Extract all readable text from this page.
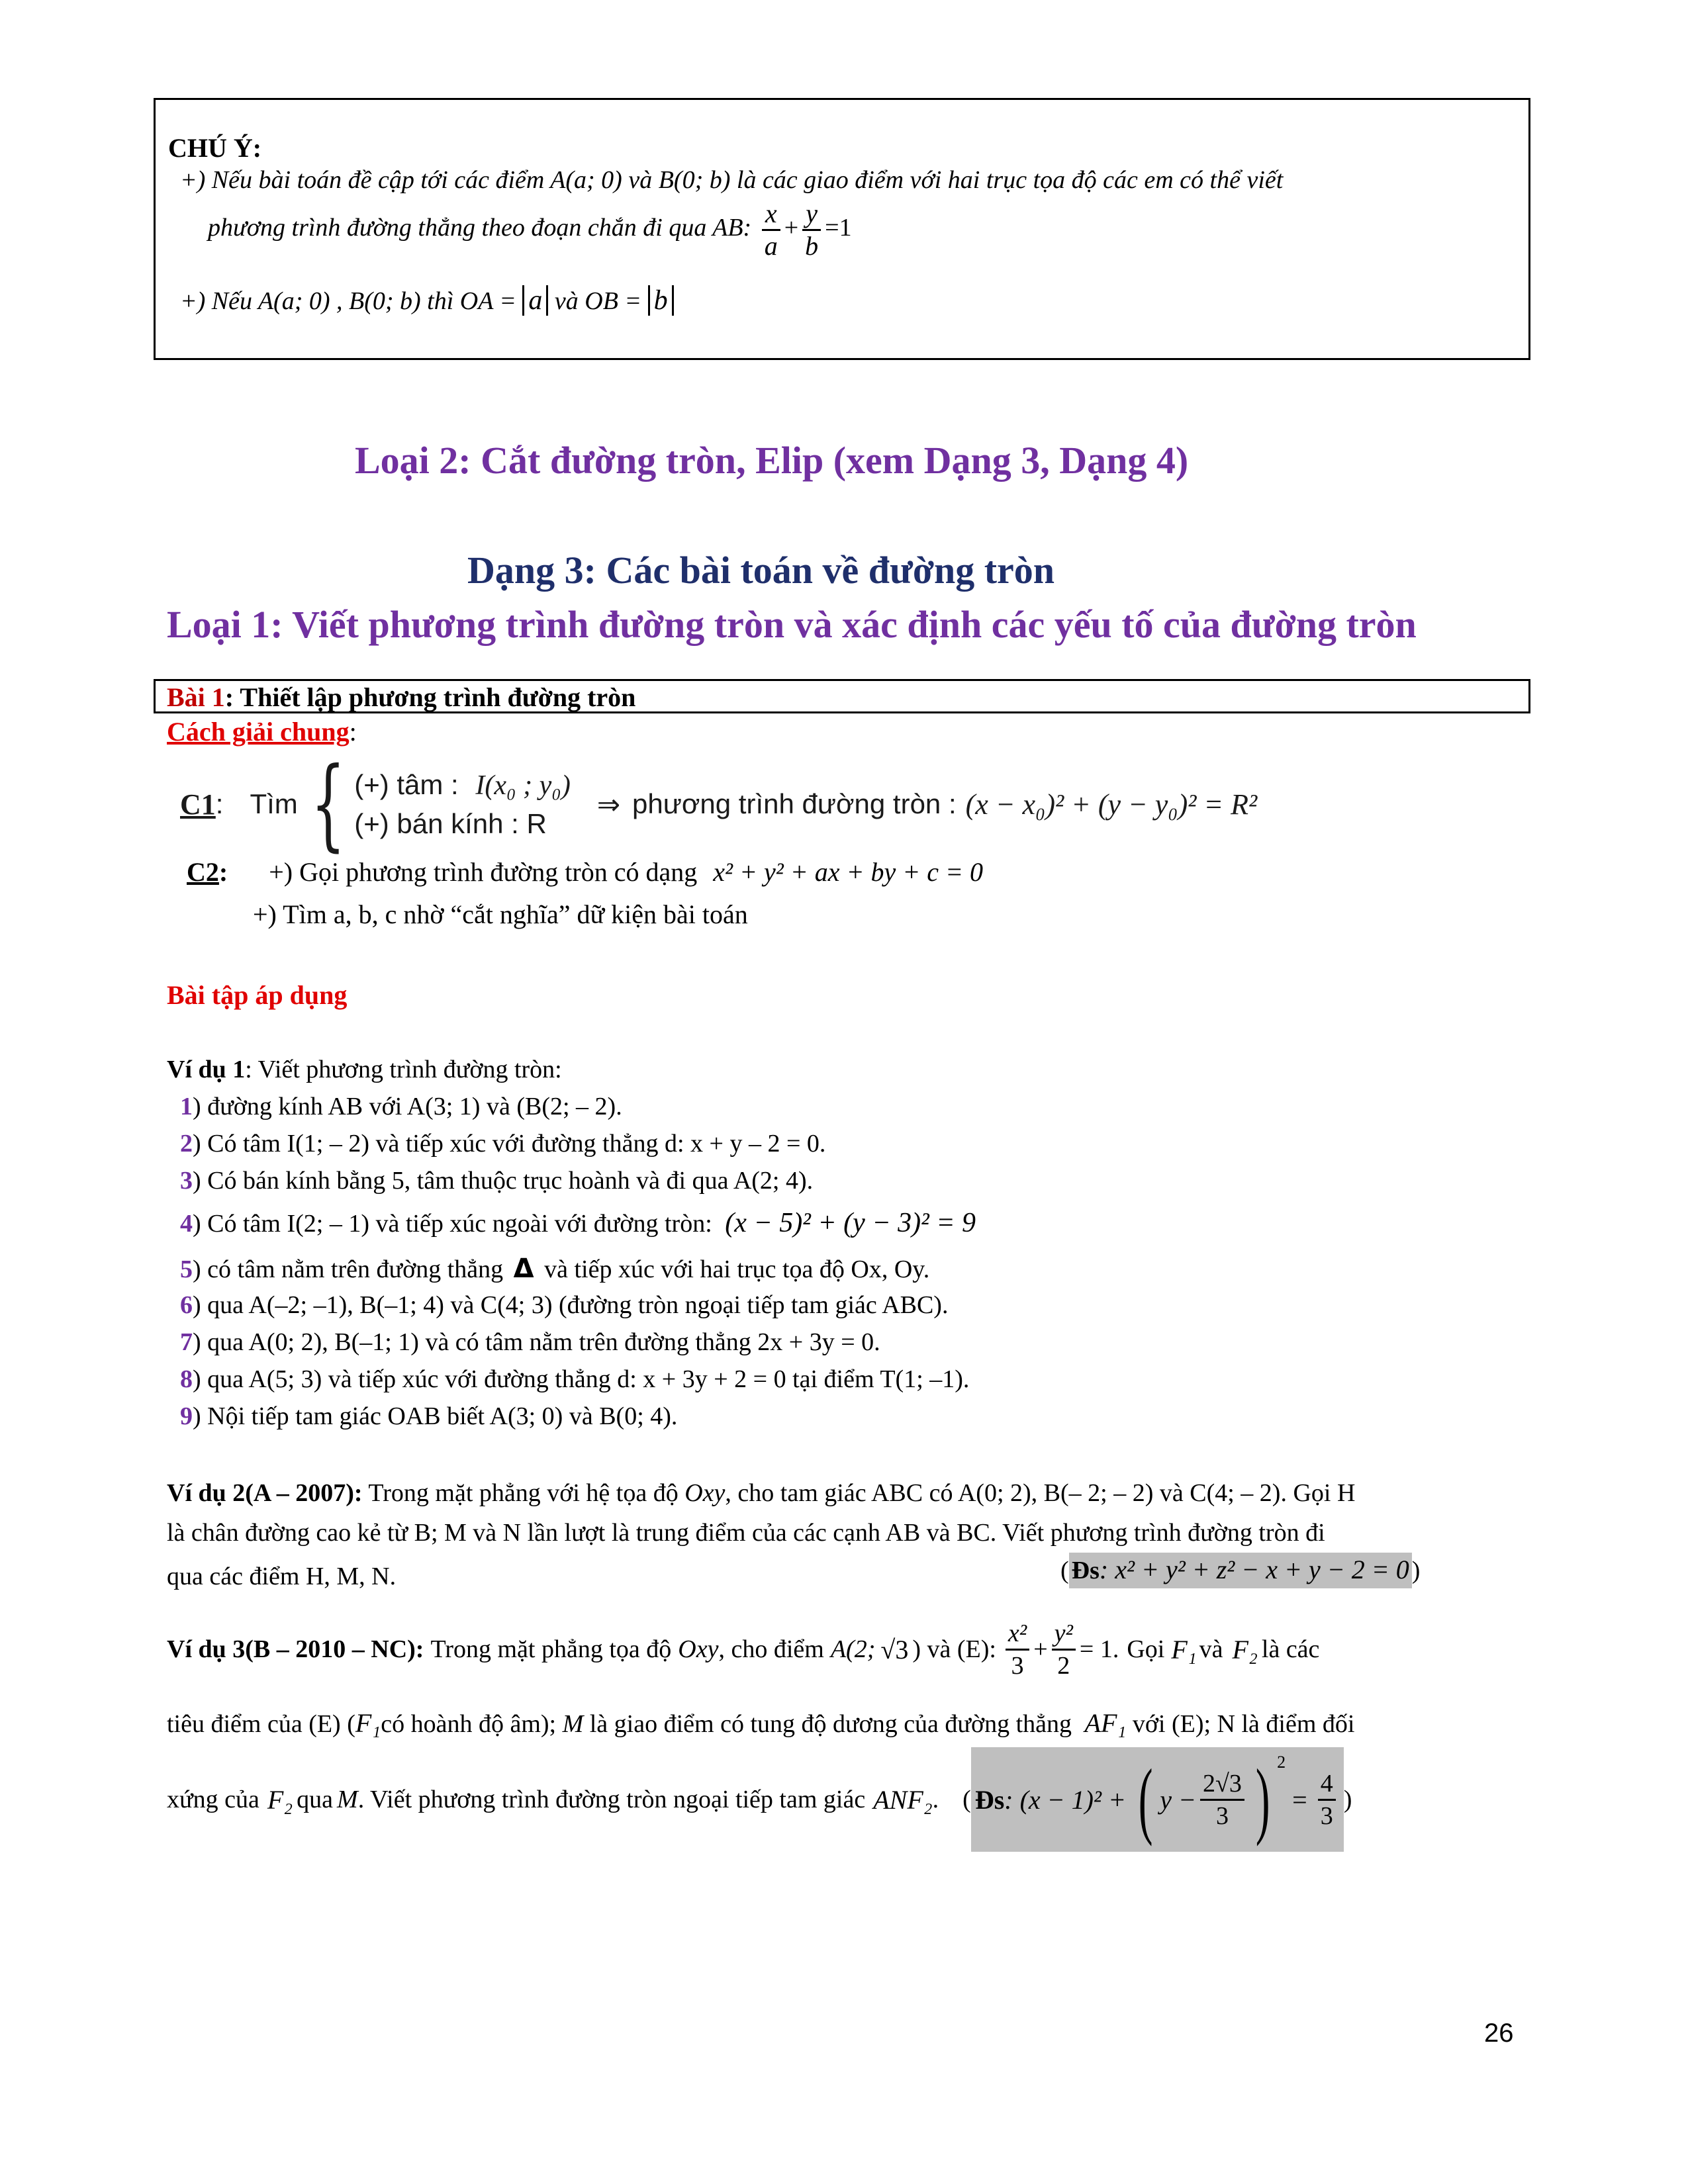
CHÚ Ý:
+) Nếu bài toán đề cập tới các điểm A(a; 0) và B(0; b) là các giao điểm với hai trục tọa độ các em có thể viết
phương trình đường thẳng theo đoạn chắn đi qua AB: $\frac{x}{a} + \frac{y}{b} =1$
+) Nếu A(a; 0) , B(0; b) thì OA = a và OB = b
Loại 2: Cắt đường tròn, Elip (xem Dạng 3, Dạng 4)
Dạng 3: Các bài toán về đường tròn
Loại 1: Viết phương trình đường tròn và xác định các yếu tố của đường tròn
Bài 1: Thiết lập phương trình đường tròn
Cách giải chung:
C1 : Tìm { (+) tâm : I(x₀ ; y₀)
(+) bán kính : R
⇒ phương trình đường tròn : (x − x₀)² + (y − y₀)² = R²
C2: +) Gọi phương trình đường tròn có dạng x² + y² + ax + by + c = 0
+) Tìm a, b, c nhờ “cắt nghĩa” dữ kiện bài toán
Bài tập áp dụng
Ví dụ 1: Viết phương trình đường tròn:
1) đường kính AB với A(3; 1) và (B(2; – 2).
2) Có tâm I(1; – 2) và tiếp xúc với đường thẳng d: x + y – 2 = 0.
3) Có bán kính bằng 5, tâm thuộc trục hoành và đi qua A(2; 4).
4) Có tâm I(2; – 1) và tiếp xúc ngoài với đường tròn: (x − 5)² + (y − 3)² = 9
5) có tâm nằm trên đường thẳng Δ và tiếp xúc với hai trục tọa độ Ox, Oy.
6) qua A(–2; –1), B(–1; 4) và C(4; 3) (đường tròn ngoại tiếp tam giác ABC).
7) qua A(0; 2), B(–1; 1) và có tâm nằm trên đường thẳng 2x + 3y = 0.
8) qua A(5; 3) và tiếp xúc với đường thẳng d: x + 3y + 2 = 0 tại điểm T(1; –1).
9) Nội tiếp tam giác OAB biết A(3; 0) và B(0; 4).
Ví dụ 2(A – 2007): Trong mặt phẳng với hệ tọa độ Oxy, cho tam giác ABC có A(0; 2), B(– 2; – 2) và C(4; – 2). Gọi H
là chân đường cao kẻ từ B; M và N lần lượt là trung điểm của các cạnh AB và BC. Viết phương trình đường tròn đi
qua các điểm H, M, N.	( Đs: x² + y² + z² − x + y − 2 = 0 )
Ví dụ 3(B – 2010 – NC): Trong mặt phẳng tọa độ Oxy , cho điểm A(2; √3 ) và (E): $\frac{\text{x²}}{3} + \frac{\text{y²}}{2} = 1$. Gọi F₁ và F₂ là các
tiêu điểm của (E) (F₁có hoành độ âm); M là giao điểm có tung độ dương của đường thẳng AF₁ với (E); N là điểm đối
xứng của F₂ qua M . Viết phương trình đường tròn ngoại tiếp tam giác ANF₂ . ( Đs : (x − 1)² + ( $y - \frac{2√3}{3}$ ) 2
= $\frac{4}{3}$ )
26
